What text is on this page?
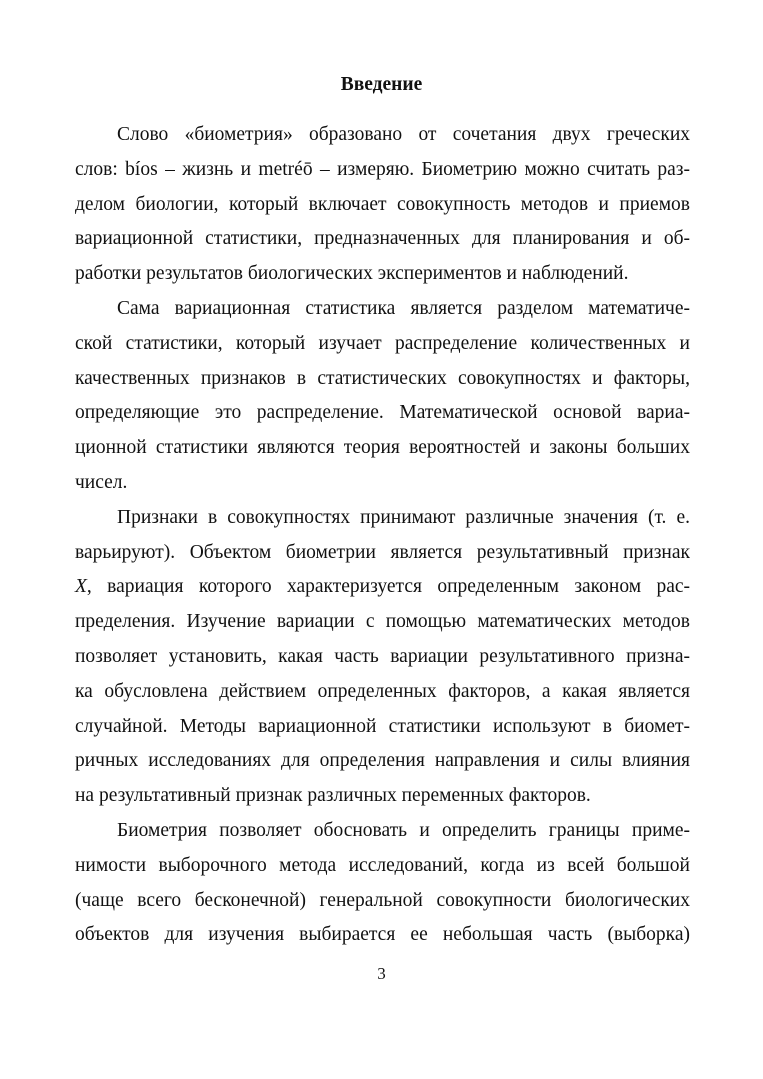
Введение
Слово «биометрия» образовано от сочетания двух греческих
слов: bíos – жизнь и metréō – измеряю. Биометрию можно считать раз-
делом биологии, который включает совокупность методов и приемов
вариационной статистики, предназначенных для планирования и об-
работки результатов биологических экспериментов и наблюдений.
Сама вариационная статистика является разделом математиче-
ской статистики, который изучает распределение количественных и
качественных признаков в статистических совокупностях и факторы,
определяющие это распределение. Математической основой вариа-
ционной статистики являются теория вероятностей и законы больших
чисел.
Признаки в совокупностях принимают различные значения (т. е.
варьируют). Объектом биометрии является результативный признак
X, вариация которого характеризуется определенным законом рас-
пределения. Изучение вариации с помощью математических методов
позволяет установить, какая часть вариации результативного призна-
ка обусловлена действием определенных факторов, а какая является
случайной. Методы вариационной статистики используют в биомет-
ричных исследованиях для определения направления и силы влияния
на результативный признак различных переменных факторов.
Биометрия позволяет обосновать и определить границы приме-
нимости выборочного метода исследований, когда из всей большой
(чаще всего бесконечной) генеральной совокупности биологических
объектов для изучения выбирается ее небольшая часть (выборка)
3
